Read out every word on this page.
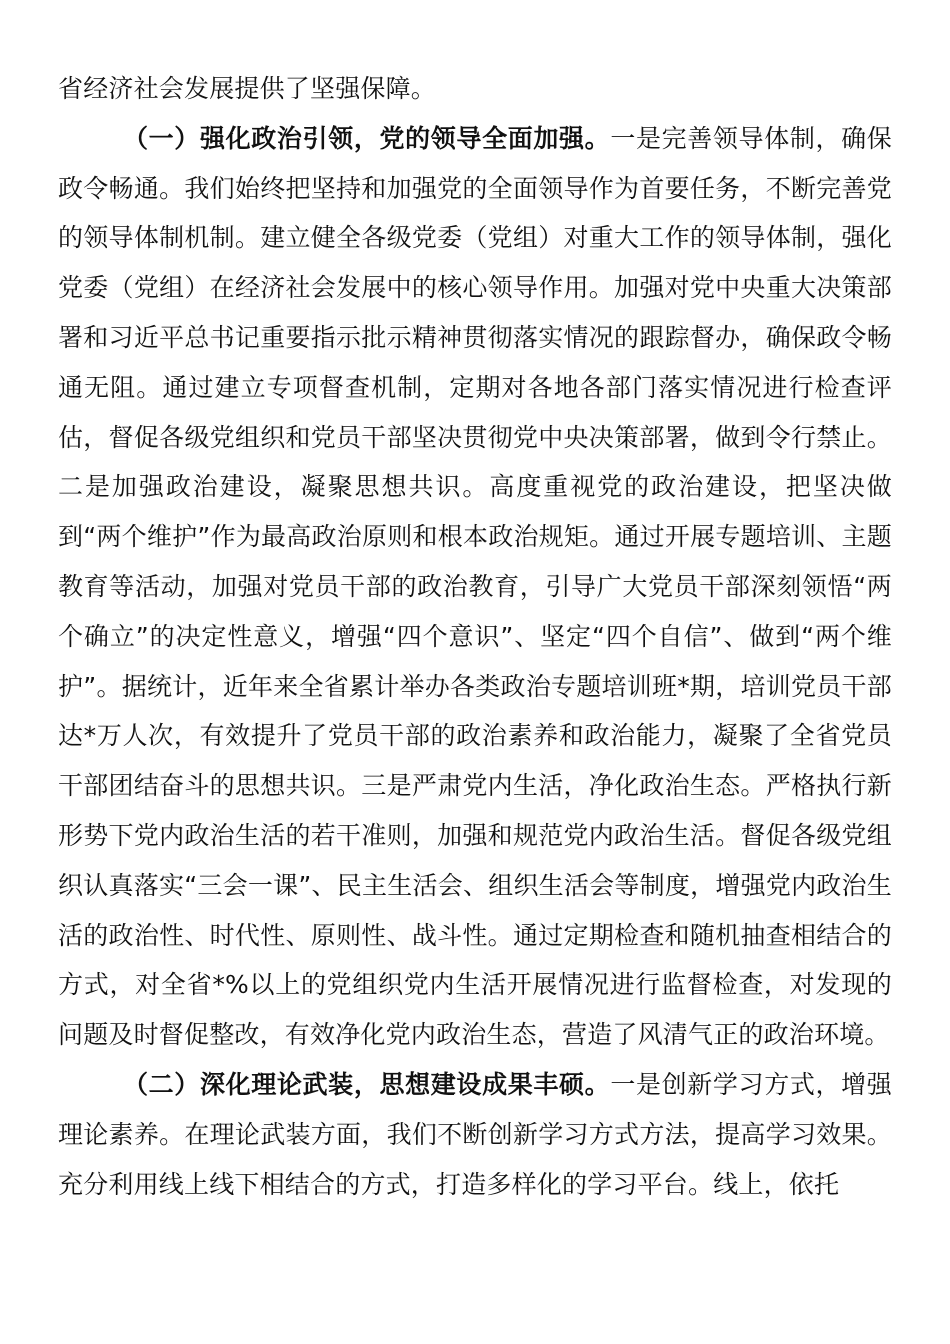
省经济社会发展提供了坚强保障。

（一）强化政治引领，党的领导全面加强。一是完善领导体制，确保政令畅通。我们始终把坚持和加强党的全面领导作为首要任务，不断完善党的领导体制机制。建立健全各级党委（党组）对重大工作的领导体制，强化党委（党组）在经济社会发展中的核心领导作用。加强对党中央重大决策部署和习近平总书记重要指示批示精神贯彻落实情况的跟踪督办，确保政令畅通无阻。通过建立专项督查机制，定期对各地各部门落实情况进行检查评估，督促各级党组织和党员干部坚决贯彻党中央决策部署，做到令行禁止。二是加强政治建设，凝聚思想共识。高度重视党的政治建设，把坚决做到“两个维护”作为最高政治原则和根本政治规矩。通过开展专题培训、主题教育等活动，加强对党员干部的政治教育，引导广大党员干部深刻领悟“两个确立”的决定性意义，增强“四个意识”、坚定“四个自信”、做到“两个维护”。据统计，近年来全省累计举办各类政治专题培训班*期，培训党员干部达*万人次，有效提升了党员干部的政治素养和政治能力，凝聚了全省党员干部团结奋斗的思想共识。三是严肃党内生活，净化政治生态。严格执行新形势下党内政治生活的若干准则，加强和规范党内政治生活。督促各级党组织认真落实“三会一课”、民主生活会、组织生活会等制度，增强党内政治生活的政治性、时代性、原则性、战斗性。通过定期检查和随机抽查相结合的方式，对全省*%以上的党组织党内生活开展情况进行监督检查，对发现的问题及时督促整改，有效净化党内政治生态，营造了风清气正的政治环境。

（二）深化理论武装，思想建设成果丰硕。一是创新学习方式，增强理论素养。在理论武装方面，我们不断创新学习方式方法，提高学习效果。充分利用线上线下相结合的方式，打造多样化的学习平台。线上，依托
